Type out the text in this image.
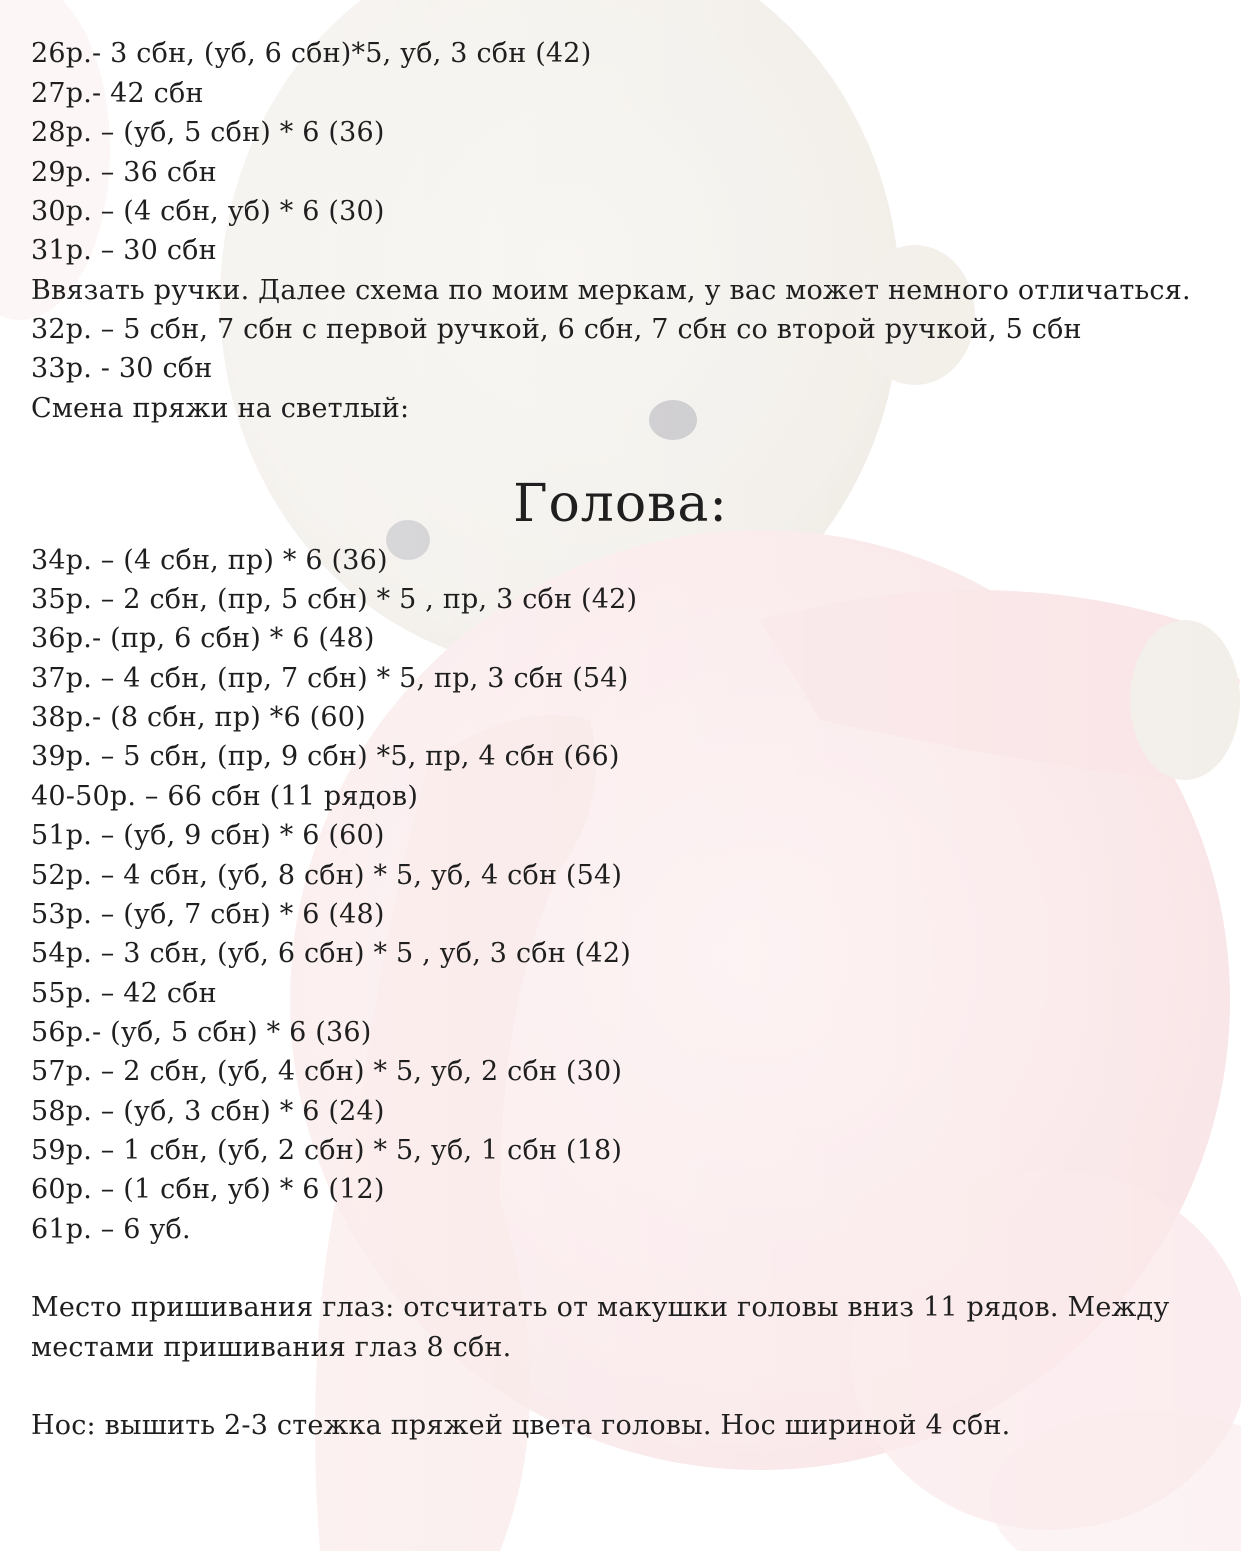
26р.- 3 сбн, (уб, 6 сбн)*5, уб, 3 сбн (42)
27р.- 42 сбн
28р. – (уб, 5 сбн) * 6 (36)
29р. – 36 сбн
30р. – (4 сбн, уб) * 6 (30)
31р. – 30 сбн
Ввязать ручки. Далее схема по моим меркам, у вас может немного отличаться.
32р. – 5 сбн, 7 сбн с первой ручкой, 6 сбн, 7 сбн со второй ручкой, 5 сбн
33р. - 30 сбн
Смена пряжи на светлый:
Голова:
34р. – (4 сбн, пр) * 6 (36)
35р. – 2 сбн, (пр, 5 сбн) * 5 , пр, 3 сбн (42)
36р.- (пр, 6 сбн) * 6 (48)
37р. – 4 сбн, (пр, 7 сбн) * 5, пр, 3 сбн (54)
38р.- (8 сбн, пр) *6 (60)
39р. – 5 сбн, (пр, 9 сбн) *5, пр, 4 сбн (66)
40-50р. – 66 сбн (11 рядов)
51р. – (уб, 9 сбн) * 6 (60)
52р. – 4 сбн, (уб, 8 сбн) * 5, уб, 4 сбн (54)
53р. – (уб, 7 сбн) * 6 (48)
54р. – 3 сбн, (уб, 6 сбн) * 5 , уб, 3 сбн (42)
55р. – 42 сбн
56р.- (уб, 5 сбн) * 6 (36)
57р. – 2 сбн, (уб, 4 сбн) * 5, уб, 2 сбн (30)
58р. – (уб, 3 сбн) * 6 (24)
59р. – 1 сбн, (уб, 2 сбн) * 5, уб, 1 сбн (18)
60р. – (1 сбн, уб) * 6 (12)
61р. – 6 уб.
Место пришивания глаз: отсчитать от макушки головы вниз 11 рядов. Между
местами пришивания глаз 8 сбн.
Нос: вышить 2-3 стежка пряжей цвета головы. Нос шириной 4 сбн.
